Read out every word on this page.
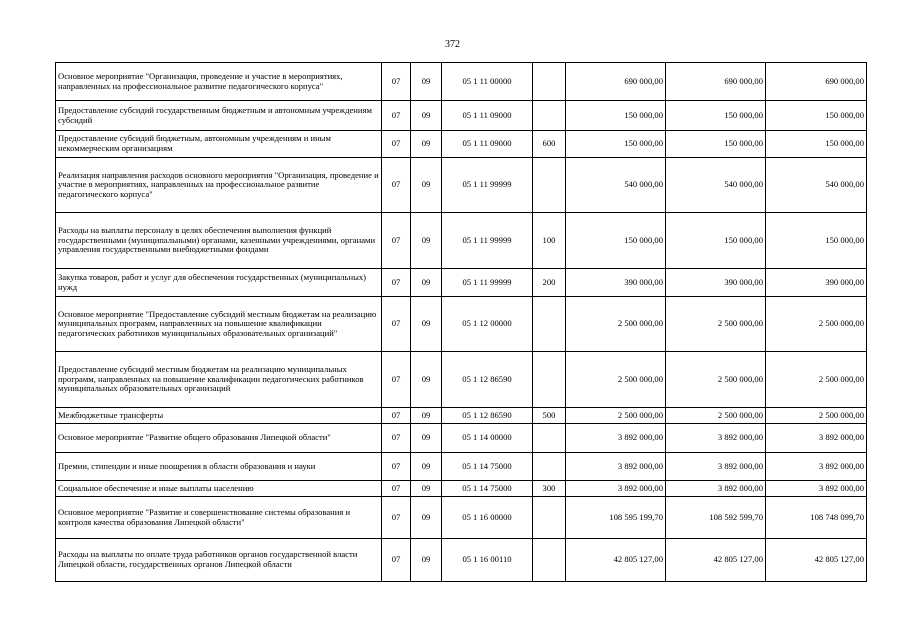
372
Основное мероприятие "Организация, проведение и участие в мероприятиях, направленных на профессиональное развитие педагогического корпуса"	07	09	05 1 11 00000		690 000,00	690 000,00	690 000,00
Предоставление субсидий государственным бюджетным и автономным учреждениям субсидий	07	09	05 1 11 09000		150 000,00	150 000,00	150 000,00
Предоставление субсидий бюджетным, автономным учреждениям и иным некоммерческим организациям	07	09	05 1 11 09000	600	150 000,00	150 000,00	150 000,00
Реализация направления расходов основного мероприятия "Организация, проведение и участие в мероприятиях, направленных на профессиональное развитие педагогического корпуса"	07	09	05 1 11 99999		540 000,00	540 000,00	540 000,00
Расходы на выплаты персоналу в целях обеспечения выполнения функций государственными (муниципальными) органами, казенными учреждениями, органами управления государственными внебюджетными фондами	07	09	05 1 11 99999	100	150 000,00	150 000,00	150 000,00
Закупка товаров, работ и услуг для обеспечения государственных (муниципальных) нужд	07	09	05 1 11 99999	200	390 000,00	390 000,00	390 000,00
Основное мероприятие "Предоставление субсидий местным бюджетам на реализацию муниципальных программ, направленных на повышение квалификации педагогических работников муниципальных образовательных организаций"	07	09	05 1 12 00000		2 500 000,00	2 500 000,00	2 500 000,00
Предоставление субсидий местным бюджетам на реализацию муниципальных программ, направленных на повышение квалификации педагогических работников муниципальных образовательных организаций	07	09	05 1 12 86590		2 500 000,00	2 500 000,00	2 500 000,00
Межбюджетные трансферты	07	09	05 1 12 86590	500	2 500 000,00	2 500 000,00	2 500 000,00
Основное мероприятие "Развитие общего образования Липецкой области"	07	09	05 1 14 00000		3 892 000,00	3 892 000,00	3 892 000,00
Премии, стипендии и иные поощрения в области образования и науки	07	09	05 1 14 75000		3 892 000,00	3 892 000,00	3 892 000,00
Социальное обеспечение и иные выплаты населению	07	09	05 1 14 75000	300	3 892 000,00	3 892 000,00	3 892 000,00
Основное мероприятие "Развитие и совершенствование системы образования и контроля качества образования Липецкой области"	07	09	05 1 16 00000		108 595 199,70	108 592 599,70	108 748 099,70
Расходы на выплаты по оплате труда работников органов государственной власти Липецкой области, государственных органов Липецкой области	07	09	05 1 16 00110		42 805 127,00	42 805 127,00	42 805 127,00
